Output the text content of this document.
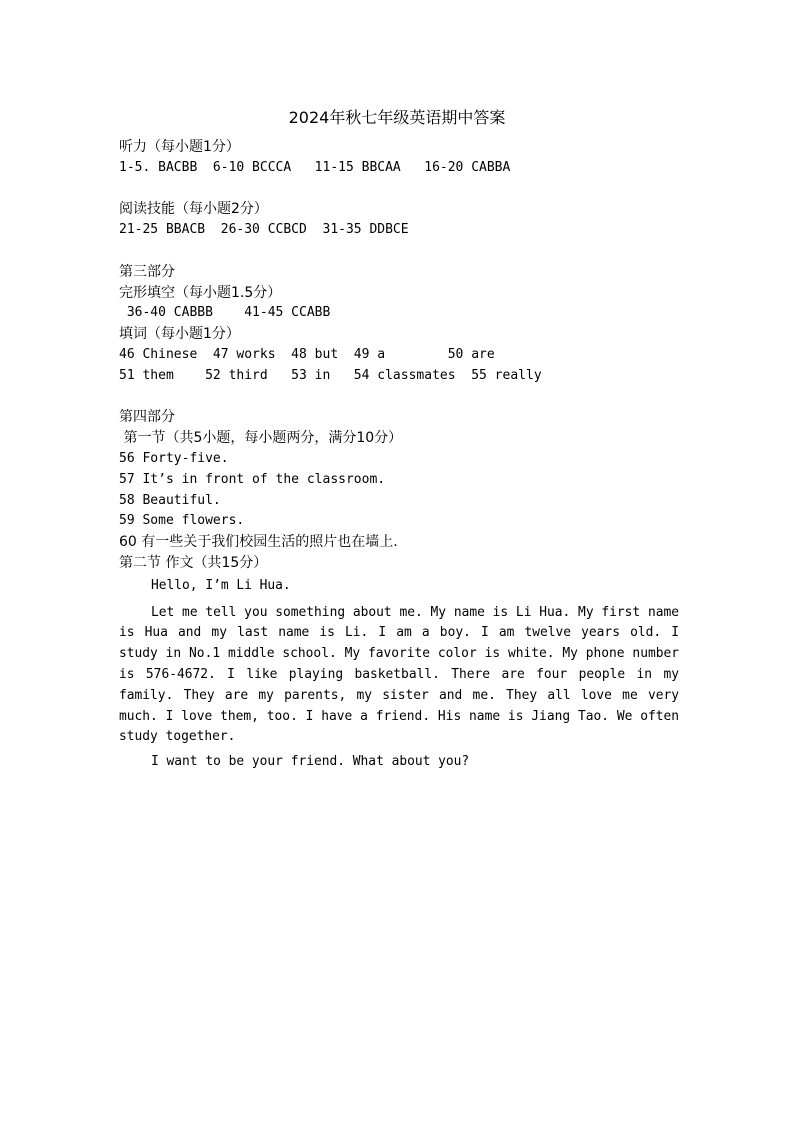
2024年秋七年级英语期中答案
听力（每小题1分）
1-5. BACBB  6-10 BCCCA   11-15 BBCAA   16-20 CABBA
阅读技能（每小题2分）
21-25 BBACB  26-30 CCBCD  31-35 DDBCE
第三部分
完形填空（每小题1.5分）
36-40 CABBB    41-45 CCABB
填词（每小题1分）
46 Chinese  47 works  48 but  49 a        50 are
51 them    52 third   53 in   54 classmates  55 really
第四部分
第一节（共5小题，每小题两分，满分10分）
56 Forty-five.
57 It’s in front of the classroom.
58 Beautiful.
59 Some flowers.
60 有一些关于我们校园生活的照片也在墙上.
第二节 作文（共15分）

Hello, I’m Li Hua.

Let me tell you something about me. My name is Li Hua. My first name is Hua and my last name is Li. I am a boy. I am twelve years old. I study in No.1 middle school. My favorite color is white. My phone number is 576-4672. I like playing basketball. There are four people in my family. They are my parents, my sister and me. They all love me very much. I love them, too. I have a friend. His name is Jiang Tao. We often study together.

I want to be your friend. What about you?
